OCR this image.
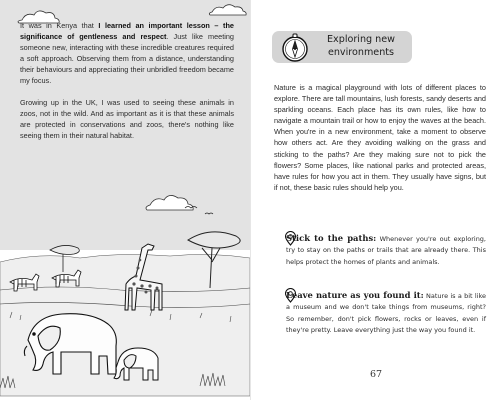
It was in Kenya that I learned an important lesson – the significance of gentleness and respect. Just like meeting someone new, interacting with these incredible creatures required a soft approach. Observing them from a distance, understanding their behaviours and appreciating their unbridled freedom became my focus.

Growing up in the UK, I was used to seeing these animals in zoos, not in the wild. And as important as it is that these animals are protected in conservations and zoos, there's nothing like seeing them in their natural habitat.

Exploring new environments
Nature is a magical playground with lots of different places to explore. There are tall mountains, lush forests, sandy deserts and sparkling oceans. Each place has its own rules, like how to navigate a mountain trail or how to enjoy the waves at the beach. When you're in a new environment, take a moment to observe how others act. Are they avoiding walking on the grass and sticking to the paths? Are they making sure not to pick the flowers? Some places, like national parks and protected areas, have rules for how you act in them. They usually have signs, but if not, these basic rules should help you.
Stick to the paths: Whenever you're out exploring, try to stay on the paths or trails that are already there. This helps protect the homes of plants and animals.
Leave nature as you found it: Nature is a bit like a museum and we don't take things from museums, right? So remember, don't pick flowers, rocks or leaves, even if they're pretty. Leave everything just the way you found it.
67
